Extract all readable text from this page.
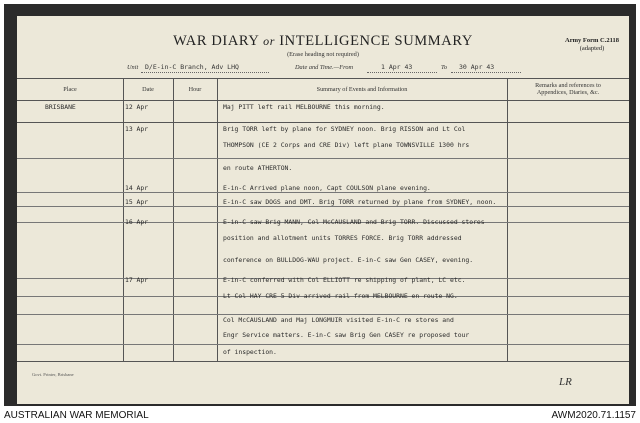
WAR DIARY or INTELLIGENCE SUMMARY
(Erase heading not required)
Army Form C.2118
(adapted)
Unit D/E-in-C Branch, Adv LHQ	Date and Time.—From	1 Apr 43	To 30 Apr 43
Place	Date	Hour	Summary of Events and Information
Remarks and references to
Appendices, Diaries, &c.
BRISBANE	12 Apr	Maj PITT left rail MELBOURNE this morning.
13 Apr	Brig TORR left by plane for SYDNEY noon. Brig RISSON and Lt Col
THOMPSON (CE 2 Corps and CRE Div) left plane TOWNSVILLE 1300 hrs
en route ATHERTON.
14 Apr	E-in-C Arrived plane noon, Capt COULSON plane evening.
15 Apr	E-in-C saw DOGS and DMT. Brig TORR returned by plane from SYDNEY, noon.
16 Apr	E-in-C saw Brig MANN, Col McCAUSLAND and Brig TORR. Discussed stores
position and allotment units TORRES FORCE. Brig TORR addressed
conference on BULLDOG-WAU project. E-in-C saw Gen CASEY, evening.
17 Apr	E-in-C conferred with Col ELLIOTT re shipping of plant, LC etc.
Lt Col HAY CRE 5 Div arrived rail from MELBOURNE en route NG.
Col McCAUSLAND and Maj LONGMUIR visited E-in-C re stores and
Engr Service matters. E-in-C saw Brig Gen CASEY re proposed tour
of inspection.
Govt. Printer, Brisbane
LR
AUSTRALIAN WAR MEMORIAL	AWM2020.71.1157
